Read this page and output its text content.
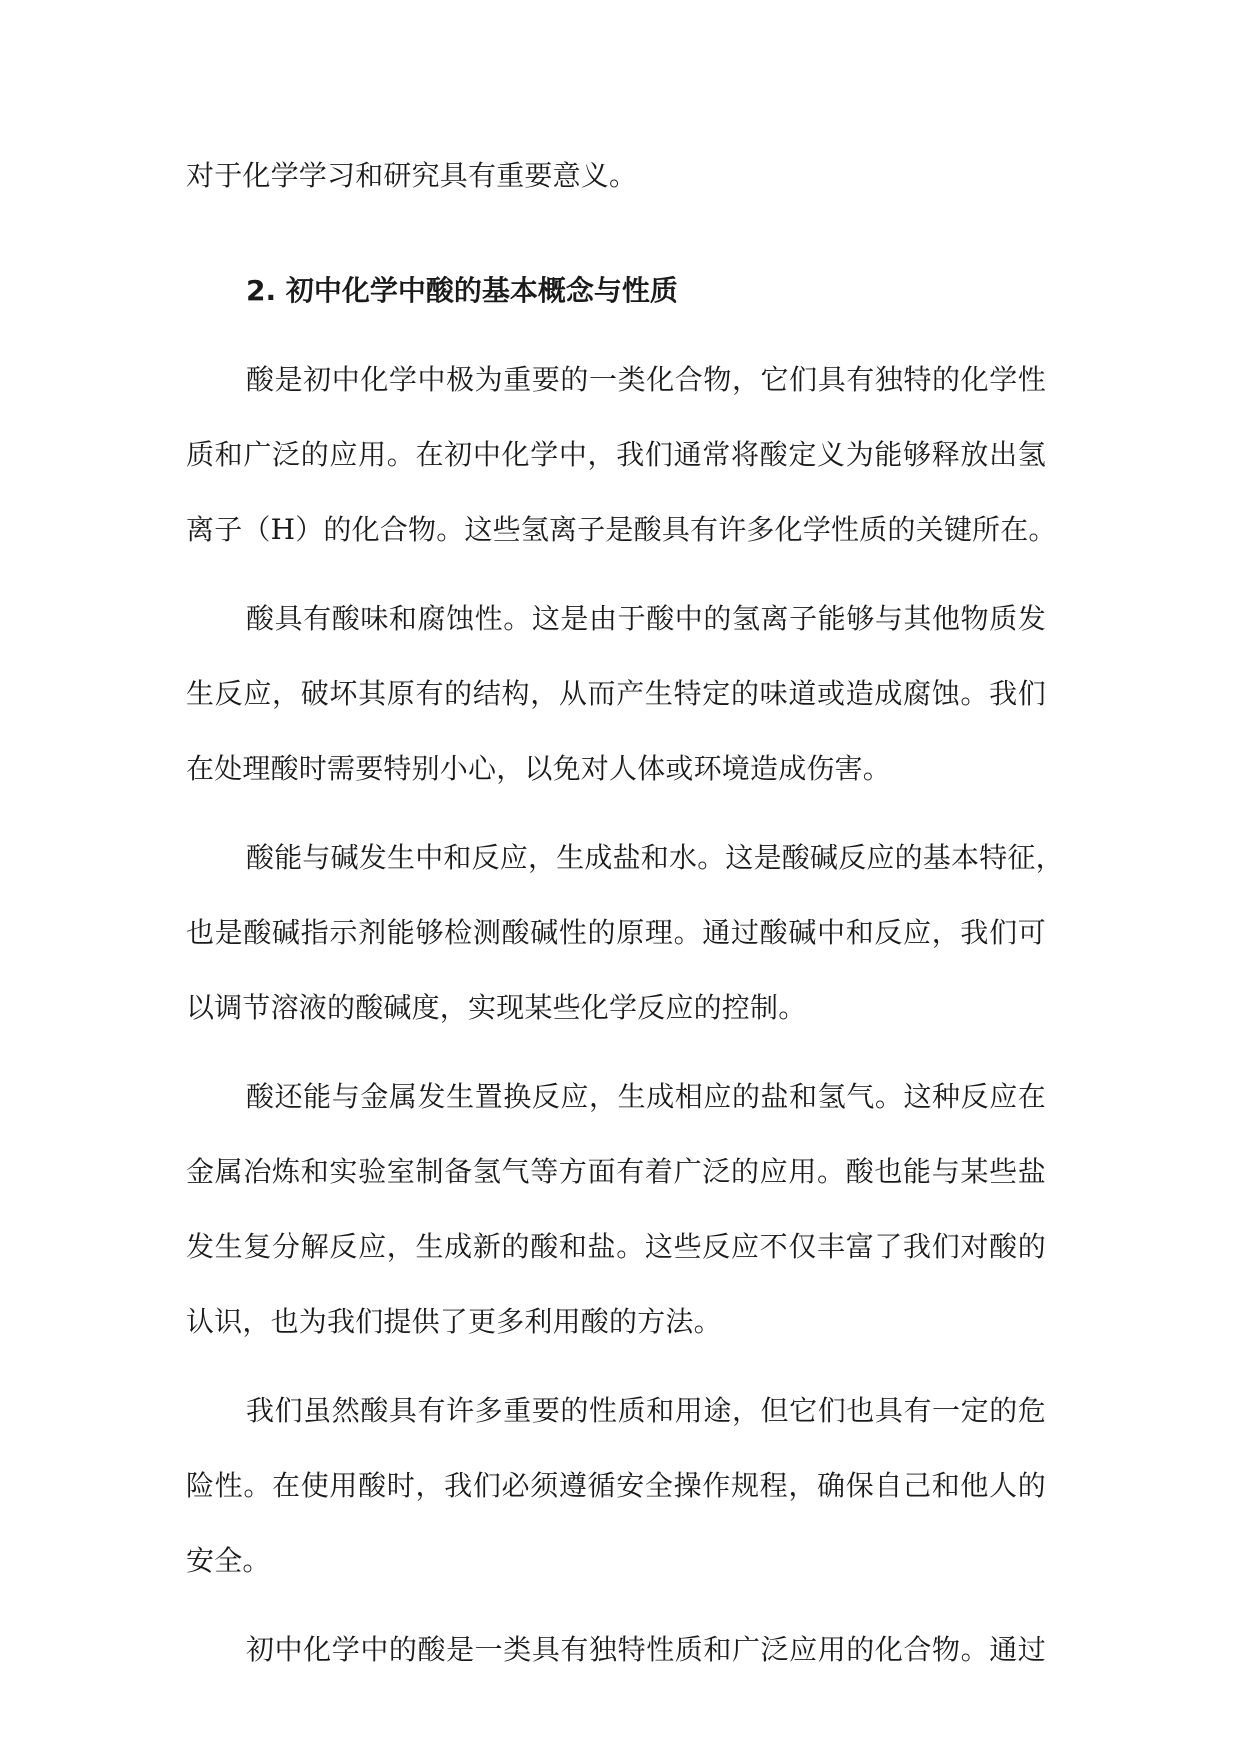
对于化学学习和研究具有重要意义。
2. 初中化学中酸的基本概念与性质
酸是初中化学中极为重要的一类化合物，它们具有独特的化学性
质和广泛的应用。在初中化学中，我们通常将酸定义为能够释放出氢
离子（H）的化合物。这些氢离子是酸具有许多化学性质的关键所在。
酸具有酸味和腐蚀性。这是由于酸中的氢离子能够与其他物质发
生反应，破坏其原有的结构，从而产生特定的味道或造成腐蚀。我们
在处理酸时需要特别小心，以免对人体或环境造成伤害。
酸能与碱发生中和反应，生成盐和水。这是酸碱反应的基本特征，
也是酸碱指示剂能够检测酸碱性的原理。通过酸碱中和反应，我们可
以调节溶液的酸碱度，实现某些化学反应的控制。
酸还能与金属发生置换反应，生成相应的盐和氢气。这种反应在
金属冶炼和实验室制备氢气等方面有着广泛的应用。酸也能与某些盐
发生复分解反应，生成新的酸和盐。这些反应不仅丰富了我们对酸的
认识，也为我们提供了更多利用酸的方法。
我们虽然酸具有许多重要的性质和用途，但它们也具有一定的危
险性。在使用酸时，我们必须遵循安全操作规程，确保自己和他人的
安全。
初中化学中的酸是一类具有独特性质和广泛应用的化合物。通过
